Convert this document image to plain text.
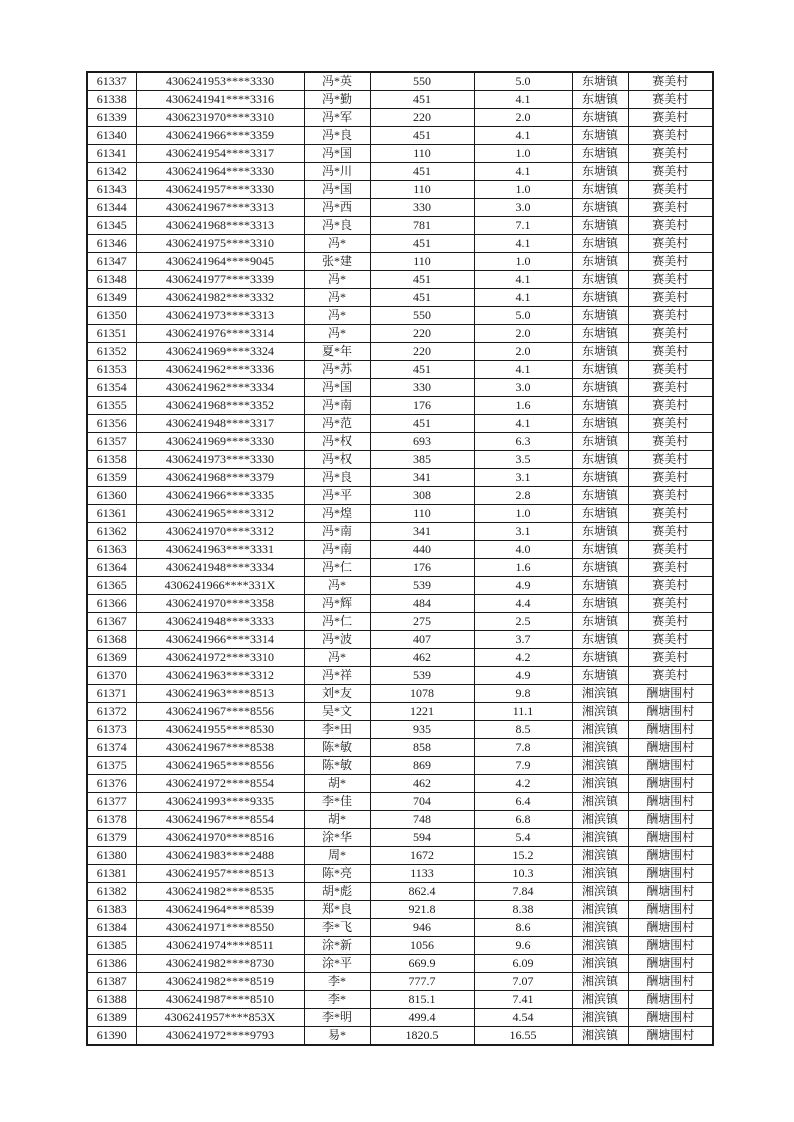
61337	4306241953****3330	冯*英	550	5.0	东塘镇	赛美村
61338	4306241941****3316	冯*勤	451	4.1	东塘镇	赛美村
61339	4306231970****3310	冯*军	220	2.0	东塘镇	赛美村
61340	4306241966****3359	冯*良	451	4.1	东塘镇	赛美村
61341	4306241954****3317	冯*国	110	1.0	东塘镇	赛美村
61342	4306241964****3330	冯*川	451	4.1	东塘镇	赛美村
61343	4306241957****3330	冯*国	110	1.0	东塘镇	赛美村
61344	4306241967****3313	冯*西	330	3.0	东塘镇	赛美村
61345	4306241968****3313	冯*良	781	7.1	东塘镇	赛美村
61346	4306241975****3310	冯*	451	4.1	东塘镇	赛美村
61347	4306241964****9045	张*建	110	1.0	东塘镇	赛美村
61348	4306241977****3339	冯*	451	4.1	东塘镇	赛美村
61349	4306241982****3332	冯*	451	4.1	东塘镇	赛美村
61350	4306241973****3313	冯*	550	5.0	东塘镇	赛美村
61351	4306241976****3314	冯*	220	2.0	东塘镇	赛美村
61352	4306241969****3324	夏*年	220	2.0	东塘镇	赛美村
61353	4306241962****3336	冯*苏	451	4.1	东塘镇	赛美村
61354	4306241962****3334	冯*国	330	3.0	东塘镇	赛美村
61355	4306241968****3352	冯*南	176	1.6	东塘镇	赛美村
61356	4306241948****3317	冯*范	451	4.1	东塘镇	赛美村
61357	4306241969****3330	冯*权	693	6.3	东塘镇	赛美村
61358	4306241973****3330	冯*权	385	3.5	东塘镇	赛美村
61359	4306241968****3379	冯*良	341	3.1	东塘镇	赛美村
61360	4306241966****3335	冯*平	308	2.8	东塘镇	赛美村
61361	4306241965****3312	冯*煌	110	1.0	东塘镇	赛美村
61362	4306241970****3312	冯*南	341	3.1	东塘镇	赛美村
61363	4306241963****3331	冯*南	440	4.0	东塘镇	赛美村
61364	4306241948****3334	冯*仁	176	1.6	东塘镇	赛美村
61365	4306241966****331X	冯*	539	4.9	东塘镇	赛美村
61366	4306241970****3358	冯*辉	484	4.4	东塘镇	赛美村
61367	4306241948****3333	冯*仁	275	2.5	东塘镇	赛美村
61368	4306241966****3314	冯*波	407	3.7	东塘镇	赛美村
61369	4306241972****3310	冯*	462	4.2	东塘镇	赛美村
61370	4306241963****3312	冯*祥	539	4.9	东塘镇	赛美村
61371	4306241963****8513	刘*友	1078	9.8	湘滨镇	酬塘围村
61372	4306241967****8556	吴*文	1221	11.1	湘滨镇	酬塘围村
61373	4306241955****8530	李*田	935	8.5	湘滨镇	酬塘围村
61374	4306241967****8538	陈*敏	858	7.8	湘滨镇	酬塘围村
61375	4306241965****8556	陈*敏	869	7.9	湘滨镇	酬塘围村
61376	4306241972****8554	胡*	462	4.2	湘滨镇	酬塘围村
61377	4306241993****9335	李*佳	704	6.4	湘滨镇	酬塘围村
61378	4306241967****8554	胡*	748	6.8	湘滨镇	酬塘围村
61379	4306241970****8516	涂*华	594	5.4	湘滨镇	酬塘围村
61380	4306241983****2488	周*	1672	15.2	湘滨镇	酬塘围村
61381	4306241957****8513	陈*亮	1133	10.3	湘滨镇	酬塘围村
61382	4306241982****8535	胡*彪	862.4	7.84	湘滨镇	酬塘围村
61383	4306241964****8539	郑*良	921.8	8.38	湘滨镇	酬塘围村
61384	4306241971****8550	李*飞	946	8.6	湘滨镇	酬塘围村
61385	4306241974****8511	涂*新	1056	9.6	湘滨镇	酬塘围村
61386	4306241982****8730	涂*平	669.9	6.09	湘滨镇	酬塘围村
61387	4306241982****8519	李*	777.7	7.07	湘滨镇	酬塘围村
61388	4306241987****8510	李*	815.1	7.41	湘滨镇	酬塘围村
61389	4306241957****853X	李*明	499.4	4.54	湘滨镇	酬塘围村
61390	4306241972****9793	易*	1820.5	16.55	湘滨镇	酬塘围村
